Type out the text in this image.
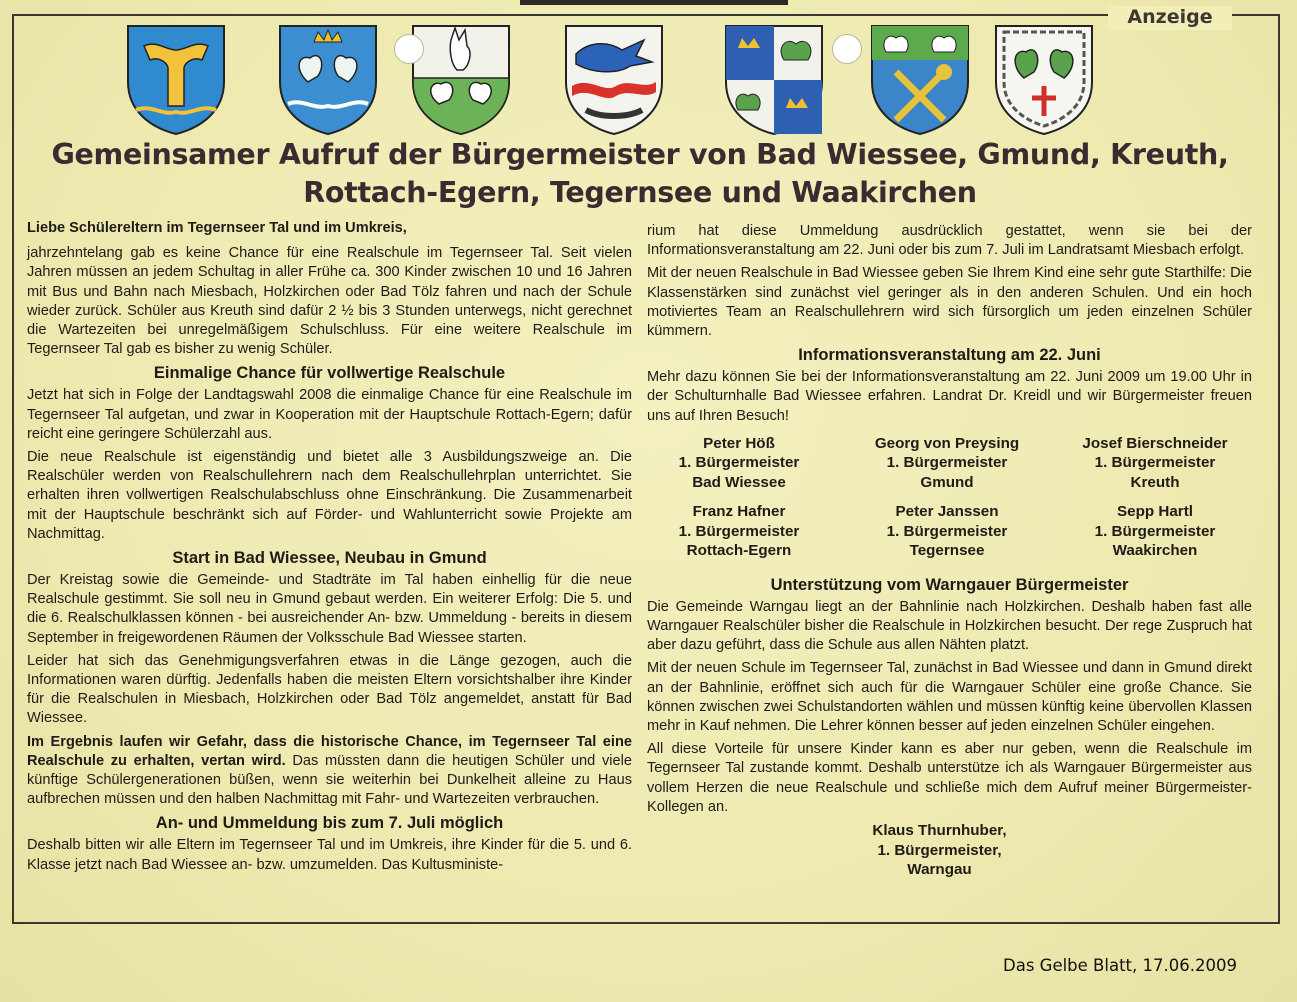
Anzeige
Gemeinsamer Aufruf der Bürgermeister von Bad Wiessee, Gmund, Kreuth,
Rottach-Egern, Tegernsee und Waakirchen

Liebe Schülereltern im Tegernseer Tal und im Umkreis,

jahrzehntelang gab es keine Chance für eine Realschule im Tegernseer Tal. Seit vielen Jahren müssen an jedem Schultag in aller Frühe ca. 300 Kinder zwischen 10 und 16 Jahren mit Bus und Bahn nach Miesbach, Holzkirchen oder Bad Tölz fahren und nach der Schule wieder zurück. Schüler aus Kreuth sind dafür 2 ½ bis 3 Stunden unterwegs, nicht gerechnet die Wartezeiten bei unregelmäßigem Schulschluss. Für eine weitere Realschule im Tegernseer Tal gab es bisher zu wenig Schüler.

Einmalige Chance für vollwertige Realschule

Jetzt hat sich in Folge der Landtagswahl 2008 die einmalige Chance für eine Realschule im Tegernseer Tal aufgetan, und zwar in Kooperation mit der Hauptschule Rottach-Egern; dafür reicht eine geringere Schülerzahl aus.

Die neue Realschule ist eigenständig und bietet alle 3 Ausbildungszweige an. Die Realschüler werden von Realschullehrern nach dem Realschullehrplan unterrichtet. Sie erhalten ihren vollwertigen Realschulabschluss ohne Einschränkung. Die Zusammenarbeit mit der Hauptschule beschränkt sich auf Förder- und Wahlunterricht sowie Projekte am Nachmittag.

Start in Bad Wiessee, Neubau in Gmund

Der Kreistag sowie die Gemeinde- und Stadträte im Tal haben einhellig für die neue Realschule gestimmt. Sie soll neu in Gmund gebaut werden. Ein weiterer Erfolg: Die 5. und die 6. Realschulklassen können - bei ausreichender An- bzw. Ummeldung - bereits in diesem September in freigewordenen Räumen der Volksschule Bad Wiessee starten.

Leider hat sich das Genehmigungsverfahren etwas in die Länge gezogen, auch die Informationen waren dürftig. Jedenfalls haben die meisten Eltern vorsichtshalber ihre Kinder für die Realschulen in Miesbach, Holzkirchen oder Bad Tölz angemeldet, anstatt für Bad Wiessee.

Im Ergebnis laufen wir Gefahr, dass die historische Chance, im Tegernseer Tal eine Realschule zu erhalten, vertan wird. Das müssten dann die heutigen Schüler und viele künftige Schülergenerationen büßen, wenn sie weiterhin bei Dunkelheit alleine zu Haus aufbrechen müssen und den halben Nachmittag mit Fahr- und Wartezeiten verbrauchen.

An- und Ummeldung bis zum 7. Juli möglich

Deshalb bitten wir alle Eltern im Tegernseer Tal und im Umkreis, ihre Kinder für die 5. und 6. Klasse jetzt nach Bad Wiessee an- bzw. umzumelden. Das Kultusministe-

rium hat diese Ummeldung ausdrücklich gestattet, wenn sie bei der Informationsveranstaltung am 22. Juni oder bis zum 7. Juli im Landratsamt Miesbach erfolgt.

Mit der neuen Realschule in Bad Wiessee geben Sie Ihrem Kind eine sehr gute Starthilfe: Die Klassenstärken sind zunächst viel geringer als in den anderen Schulen. Und ein hoch motiviertes Team an Realschullehrern wird sich fürsorglich um jeden einzelnen Schüler kümmern.

Informationsveranstaltung am 22. Juni

Mehr dazu können Sie bei der Informationsveranstaltung am 22. Juni 2009 um 19.00 Uhr in der Schulturnhalle Bad Wiessee erfahren. Landrat Dr. Kreidl und wir Bürgermeister freuen uns auf Ihren Besuch!

Peter Höß
1. Bürgermeister
Bad Wiessee
Georg von Preysing
1. Bürgermeister
Gmund
Josef Bierschneider
1. Bürgermeister
Kreuth
Franz Hafner
1. Bürgermeister
Rottach-Egern
Peter Janssen
1. Bürgermeister
Tegernsee
Sepp Hartl
1. Bürgermeister
Waakirchen

Unterstützung vom Warngauer Bürgermeister

Die Gemeinde Warngau liegt an der Bahnlinie nach Holzkirchen. Deshalb haben fast alle Warngauer Realschüler bisher die Realschule in Holzkirchen besucht. Der rege Zuspruch hat aber dazu geführt, dass die Schule aus allen Nähten platzt.

Mit der neuen Schule im Tegernseer Tal, zunächst in Bad Wiessee und dann in Gmund direkt an der Bahnlinie, eröffnet sich auch für die Warngauer Schüler eine große Chance. Sie können zwischen zwei Schulstandorten wählen und müssen künftig keine übervollen Klassen mehr in Kauf nehmen. Die Lehrer können besser auf jeden einzelnen Schüler eingehen.

All diese Vorteile für unsere Kinder kann es aber nur geben, wenn die Realschule im Tegernseer Tal zustande kommt. Deshalb unterstütze ich als Warngauer Bürgermeister aus vollem Herzen die neue Realschule und schließe mich dem Aufruf meiner Bürgermeister-Kollegen an.

Klaus Thurnhuber,
1. Bürgermeister,
Warngau
Das Gelbe Blatt, 17.06.2009
